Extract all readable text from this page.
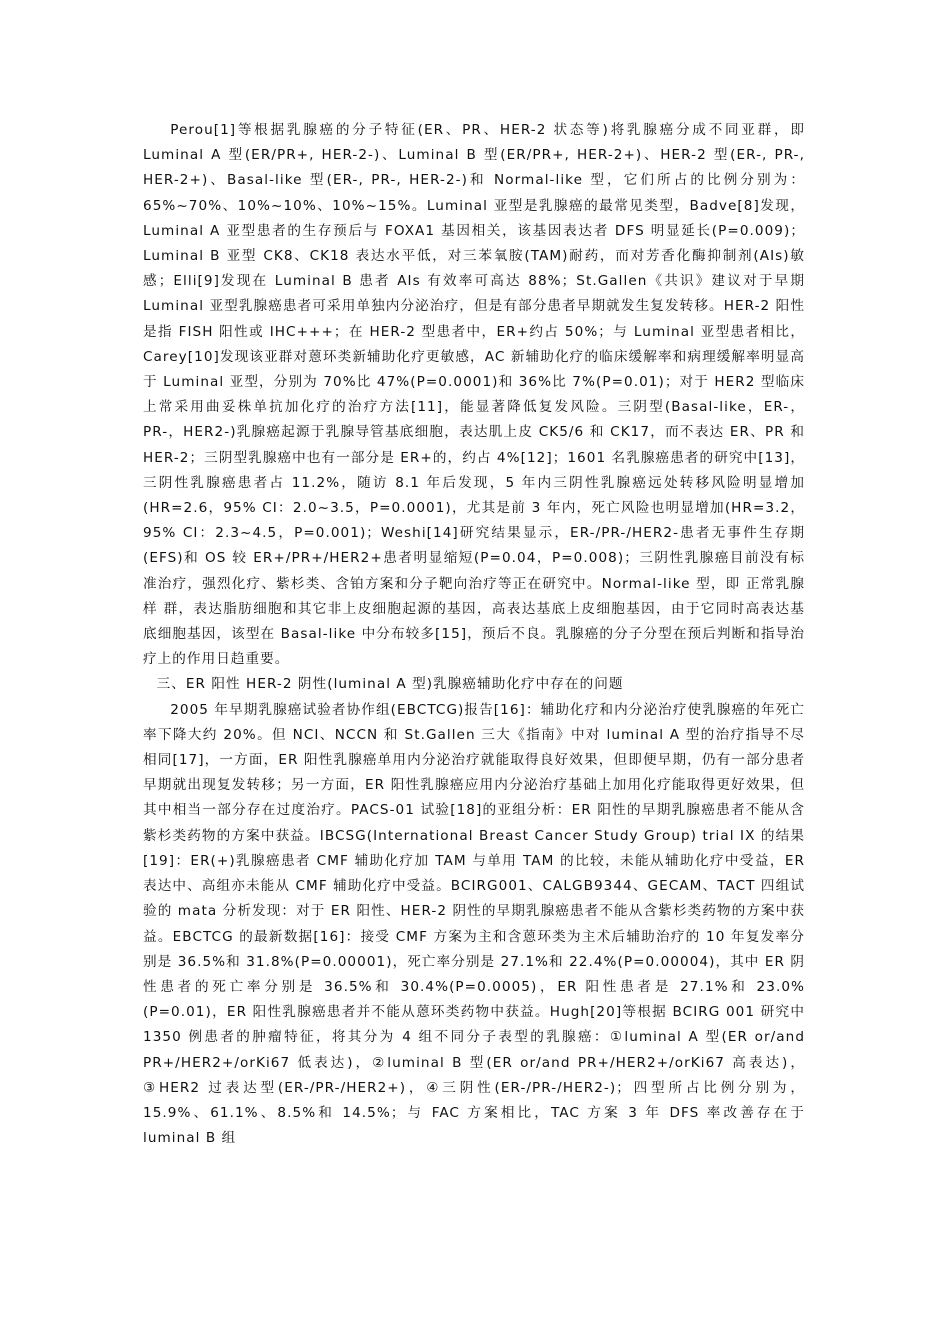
Perou[1]等根据乳腺癌的分子特征(ER、PR、HER-2 状态等)将乳腺癌分成不同亚群，即 Luminal A 型(ER/PR+, HER-2-)、Luminal B 型(ER/PR+, HER-2+)、HER-2 型(ER-, PR-, HER-2+)、Basal-like 型(ER-, PR-, HER-2-)和 Normal-like 型，它们所占的比例分别为：65%~70%、10%~10%、10%~15%。Luminal 亚型是乳腺癌的最常见类型，Badve[8]发现，Luminal A 亚型患者的生存预后与 FOXA1 基因相关，该基因表达者 DFS 明显延长(P=0.009)；Luminal B 亚型 CK8、CK18 表达水平低，对三苯氧胺(TAM)耐药，而对芳香化酶抑制剂(AIs)敏感；Elli[9]发现在 Luminal B 患者 AIs 有效率可高达 88%；St.Gallen《共识》建议对于早期 Luminal 亚型乳腺癌患者可采用单独内分泌治疗，但是有部分患者早期就发生复发转移。HER-2 阳性是指 FISH 阳性或 IHC+++；在 HER-2 型患者中，ER+约占 50%；与 Luminal 亚型患者相比，Carey[10]发现该亚群对蒽环类新辅助化疗更敏感，AC 新辅助化疗的临床缓解率和病理缓解率明显高于 Luminal 亚型，分别为 70%比 47%(P=0.0001)和 36%比 7%(P=0.01)；对于 HER2 型临床上常采用曲妥株单抗加化疗的治疗方法[11]，能显著降低复发风险。三阴型(Basal-like，ER-，PR-，HER2-)乳腺癌起源于乳腺导管基底细胞，表达肌上皮 CK5/6 和 CK17，而不表达 ER、PR 和 HER-2；三阴型乳腺癌中也有一部分是 ER+的，约占 4%[12]；1601 名乳腺癌患者的研究中[13]，三阴性乳腺癌患者占 11.2%，随访 8.1 年后发现，5 年内三阴性乳腺癌远处转移风险明显增加(HR=2.6，95% CI：2.0~3.5，P=0.0001)，尤其是前 3 年内，死亡风险也明显增加(HR=3.2，95% CI：2.3~4.5，P=0.001)；Weshi[14]研究结果显示，ER-/PR-/HER2-患者无事件生存期(EFS)和 OS 较 ER+/PR+/HER2+患者明显缩短(P=0.04，P=0.008)；三阴性乳腺癌目前没有标准治疗，强烈化疗、紫杉类、含铂方案和分子靶向治疗等正在研究中。Normal-like 型，即 正常乳腺样 群，表达脂肪细胞和其它非上皮细胞起源的基因，高表达基底上皮细胞基因，由于它同时高表达基底细胞基因，该型在 Basal-like 中分布较多[15]，预后不良。乳腺癌的分子分型在预后判断和指导治疗上的作用日趋重要。

三、ER 阳性 HER-2 阴性(luminal A 型)乳腺癌辅助化疗中存在的问题

2005 年早期乳腺癌试验者协作组(EBCTCG)报告[16]：辅助化疗和内分泌治疗使乳腺癌的年死亡率下降大约 20%。但 NCI、NCCN 和 St.Gallen 三大《指南》中对 luminal A 型的治疗指导不尽相同[17]，一方面，ER 阳性乳腺癌单用内分泌治疗就能取得良好效果，但即便早期，仍有一部分患者早期就出现复发转移；另一方面，ER 阳性乳腺癌应用内分泌治疗基础上加用化疗能取得更好效果，但其中相当一部分存在过度治疗。PACS-01 试验[18]的亚组分析：ER 阳性的早期乳腺癌患者不能从含紫杉类药物的方案中获益。IBCSG(International Breast Cancer Study Group) trial IX 的结果[19]：ER(+)乳腺癌患者 CMF 辅助化疗加 TAM 与单用 TAM 的比较，未能从辅助化疗中受益，ER 表达中、高组亦未能从 CMF 辅助化疗中受益。BCIRG001、CALGB9344、GECAM、TACT 四组试验的 mata 分析发现：对于 ER 阳性、HER-2 阴性的早期乳腺癌患者不能从含紫杉类药物的方案中获益。EBCTCG 的最新数据[16]：接受 CMF 方案为主和含蒽环类为主术后辅助治疗的 10 年复发率分别是 36.5%和 31.8%(P=0.00001)，死亡率分别是 27.1%和 22.4%(P=0.00004)，其中 ER 阴性患者的死亡率分别是 36.5%和 30.4%(P=0.0005)，ER 阳性患者是 27.1%和 23.0%(P=0.01)，ER 阳性乳腺癌患者并不能从蒽环类药物中获益。Hugh[20]等根据 BCIRG 001 研究中 1350 例患者的肿瘤特征，将其分为 4 组不同分子表型的乳腺癌：①luminal A 型(ER or/and PR+/HER2+/orKi67 低表达)，②luminal B 型(ER or/and PR+/HER2+/orKi67 高表达)，③HER2 过表达型(ER-/PR-/HER2+)，④三阴性(ER-/PR-/HER2-)；四型所占比例分别为，15.9%、61.1%、8.5%和 14.5%；与 FAC 方案相比，TAC 方案 3 年 DFS 率改善存在于 luminal B 组
